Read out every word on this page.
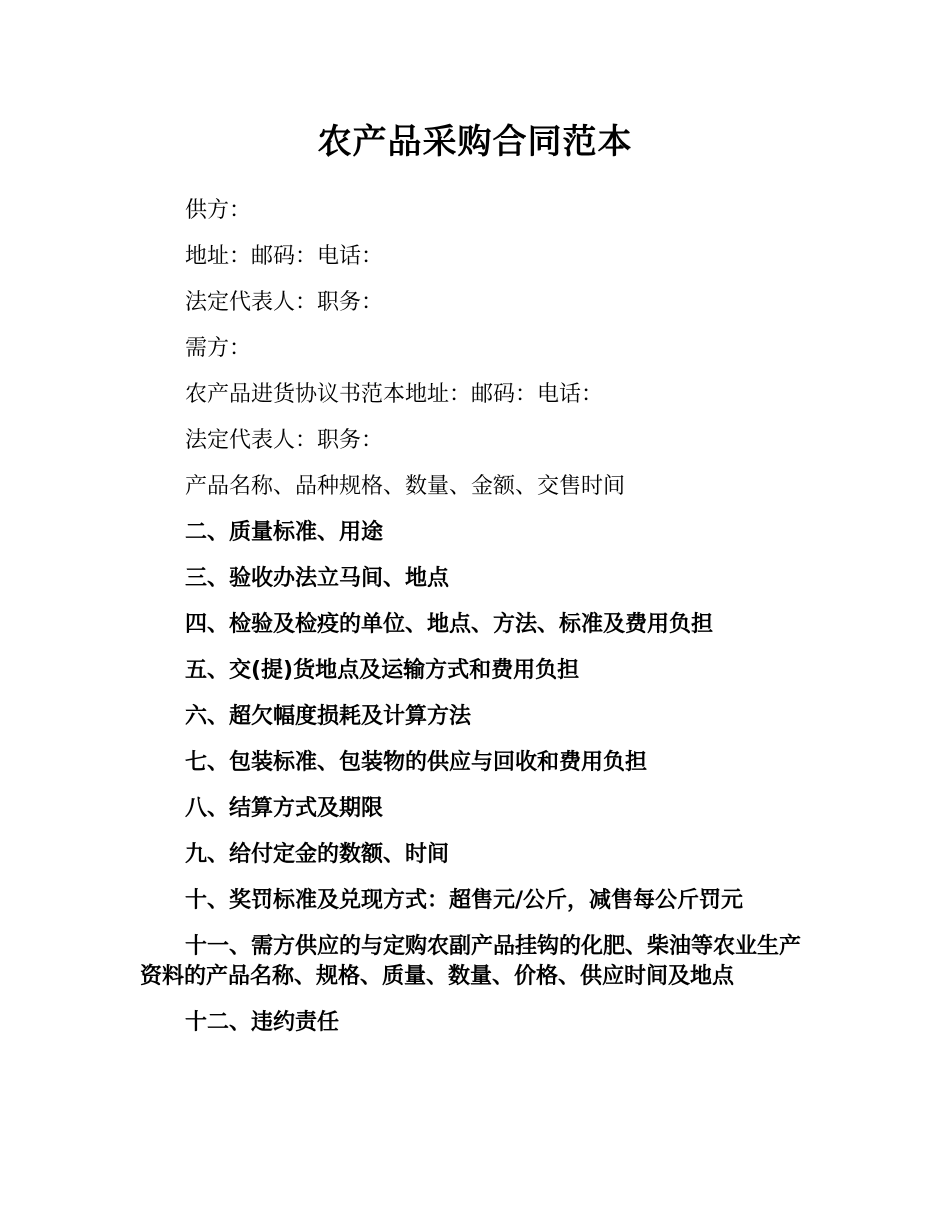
农产品采购合同范本

供方：

地址：邮码：电话：

法定代表人：职务：

需方：

农产品进货协议书范本地址：邮码：电话：

法定代表人：职务：

产品名称、品种规格、数量、金额、交售时间

二、质量标准、用途

三、验收办法立马间、地点

四、检验及检疫的单位、地点、方法、标准及费用负担

五、交(提)货地点及运输方式和费用负担

六、超欠幅度损耗及计算方法

七、包装标准、包装物的供应与回收和费用负担

八、结算方式及期限

九、给付定金的数额、时间

十、奖罚标准及兑现方式：超售元/公斤，减售每公斤罚元

十一、需方供应的与定购农副产品挂钩的化肥、柴油等农业生产资料的产品名称、规格、质量、数量、价格、供应时间及地点

十二、违约责任
